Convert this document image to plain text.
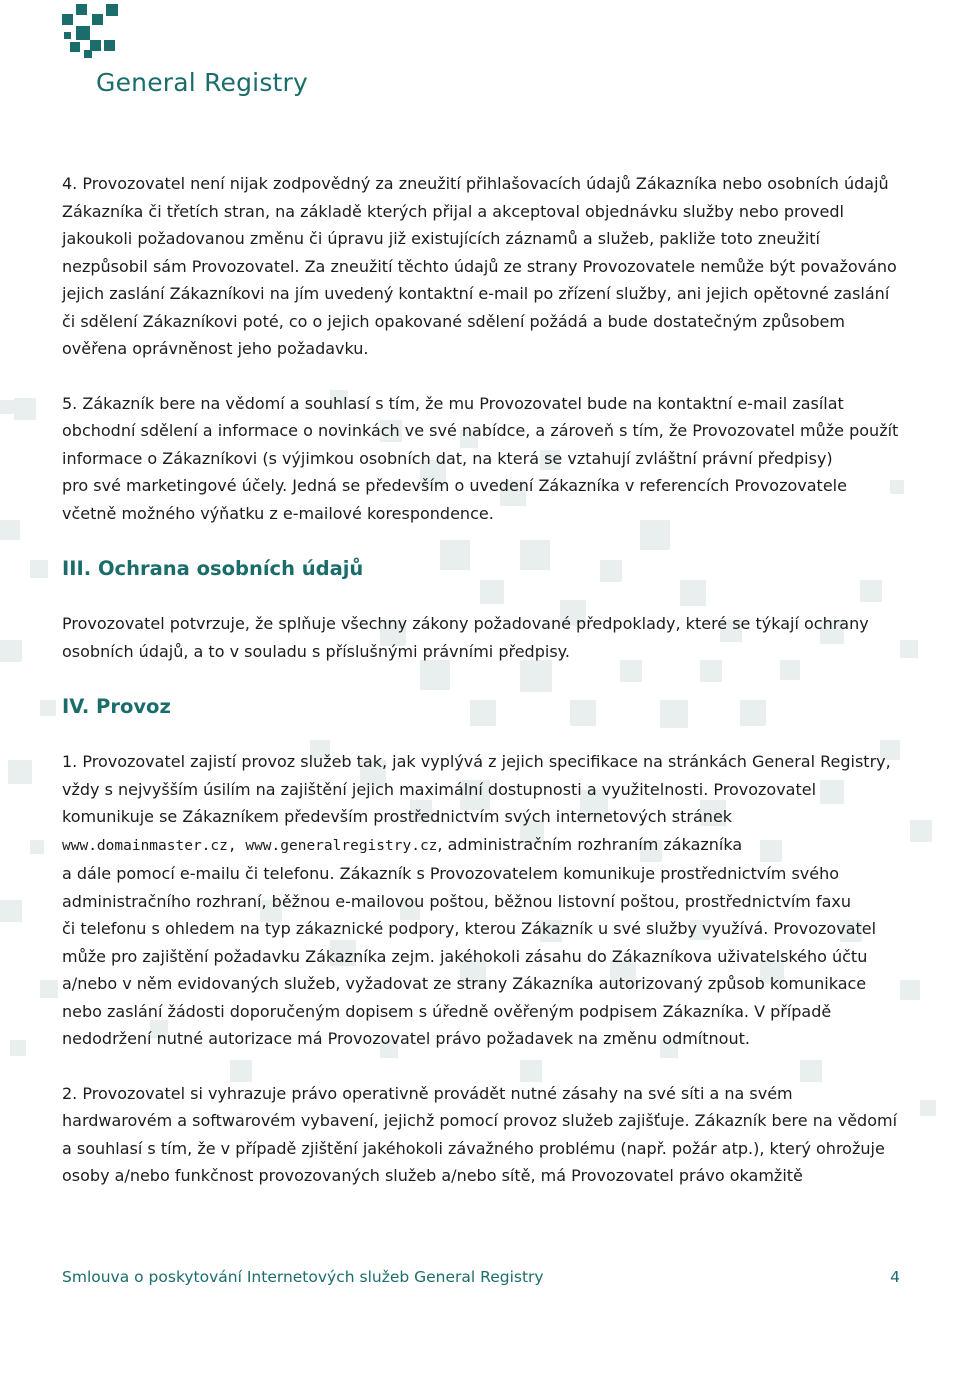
General Registry

4. Provozovatel není nijak zodpovědný za zneužití přihlašovacích údajů Zákazníka nebo osobních údajů
Zákazníka či třetích stran, na základě kterých přijal a akceptoval objednávku služby nebo provedl
jakoukoli požadovanou změnu či úpravu již existujících záznamů a služeb, pakliže toto zneužití
nezpůsobil sám Provozovatel. Za zneužití těchto údajů ze strany Provozovatele nemůže být považováno
jejich zaslání Zákazníkovi na jím uvedený kontaktní e-mail po zřízení služby, ani jejich opětovné zaslání
či sdělení Zákazníkovi poté, co o jejich opakované sdělení požádá a bude dostatečným způsobem
ověřena oprávněnost jeho požadavku.

5. Zákazník bere na vědomí a souhlasí s tím, že mu Provozovatel bude na kontaktní e-mail zasílat
obchodní sdělení a informace o novinkách ve své nabídce, a zároveň s tím, že Provozovatel může použít
informace o Zákazníkovi (s výjimkou osobních dat, na která se vztahují zvláštní právní předpisy)
pro své marketingové účely. Jedná se především o uvedení Zákazníka v referencích Provozovatele
včetně možného výňatku z e-mailové korespondence.

III. Ochrana osobních údajů

Provozovatel potvrzuje, že splňuje všechny zákony požadované předpoklady, které se týkají ochrany
osobních údajů, a to v souladu s příslušnými právními předpisy.

IV. Provoz

1. Provozovatel zajistí provoz služeb tak, jak vyplývá z jejich specifikace na stránkách General Registry,
vždy s nejvyšším úsilím na zajištění jejich maximální dostupnosti a využitelnosti. Provozovatel
komunikuje se Zákazníkem především prostřednictvím svých internetových stránek
www.domainmaster.cz, www.generalregistry.cz, administračním rozhraním zákazníka
a dále pomocí e-mailu či telefonu. Zákazník s Provozovatelem komunikuje prostřednictvím svého
administračního rozhraní, běžnou e-mailovou poštou, běžnou listovní poštou, prostřednictvím faxu
či telefonu s ohledem na typ zákaznické podpory, kterou Zákazník u své služby využívá. Provozovatel
může pro zajištění požadavku Zákazníka zejm. jakéhokoli zásahu do Zákazníkova uživatelského účtu
a/nebo v něm evidovaných služeb, vyžadovat ze strany Zákazníka autorizovaný způsob komunikace
nebo zaslání žádosti doporučeným dopisem s úředně ověřeným podpisem Zákazníka. V případě
nedodržení nutné autorizace má Provozovatel právo požadavek na změnu odmítnout.

2. Provozovatel si vyhrazuje právo operativně provádět nutné zásahy na své síti a na svém
hardwarovém a softwarovém vybavení, jejichž pomocí provoz služeb zajišťuje. Zákazník bere na vědomí
a souhlasí s tím, že v případě zjištění jakéhokoli závažného problému (např. požár atp.), který ohrožuje
osoby a/nebo funkčnost provozovaných služeb a/nebo sítě, má Provozovatel právo okamžitě

Smlouva o poskytování Internetových služeb General Registry	4
